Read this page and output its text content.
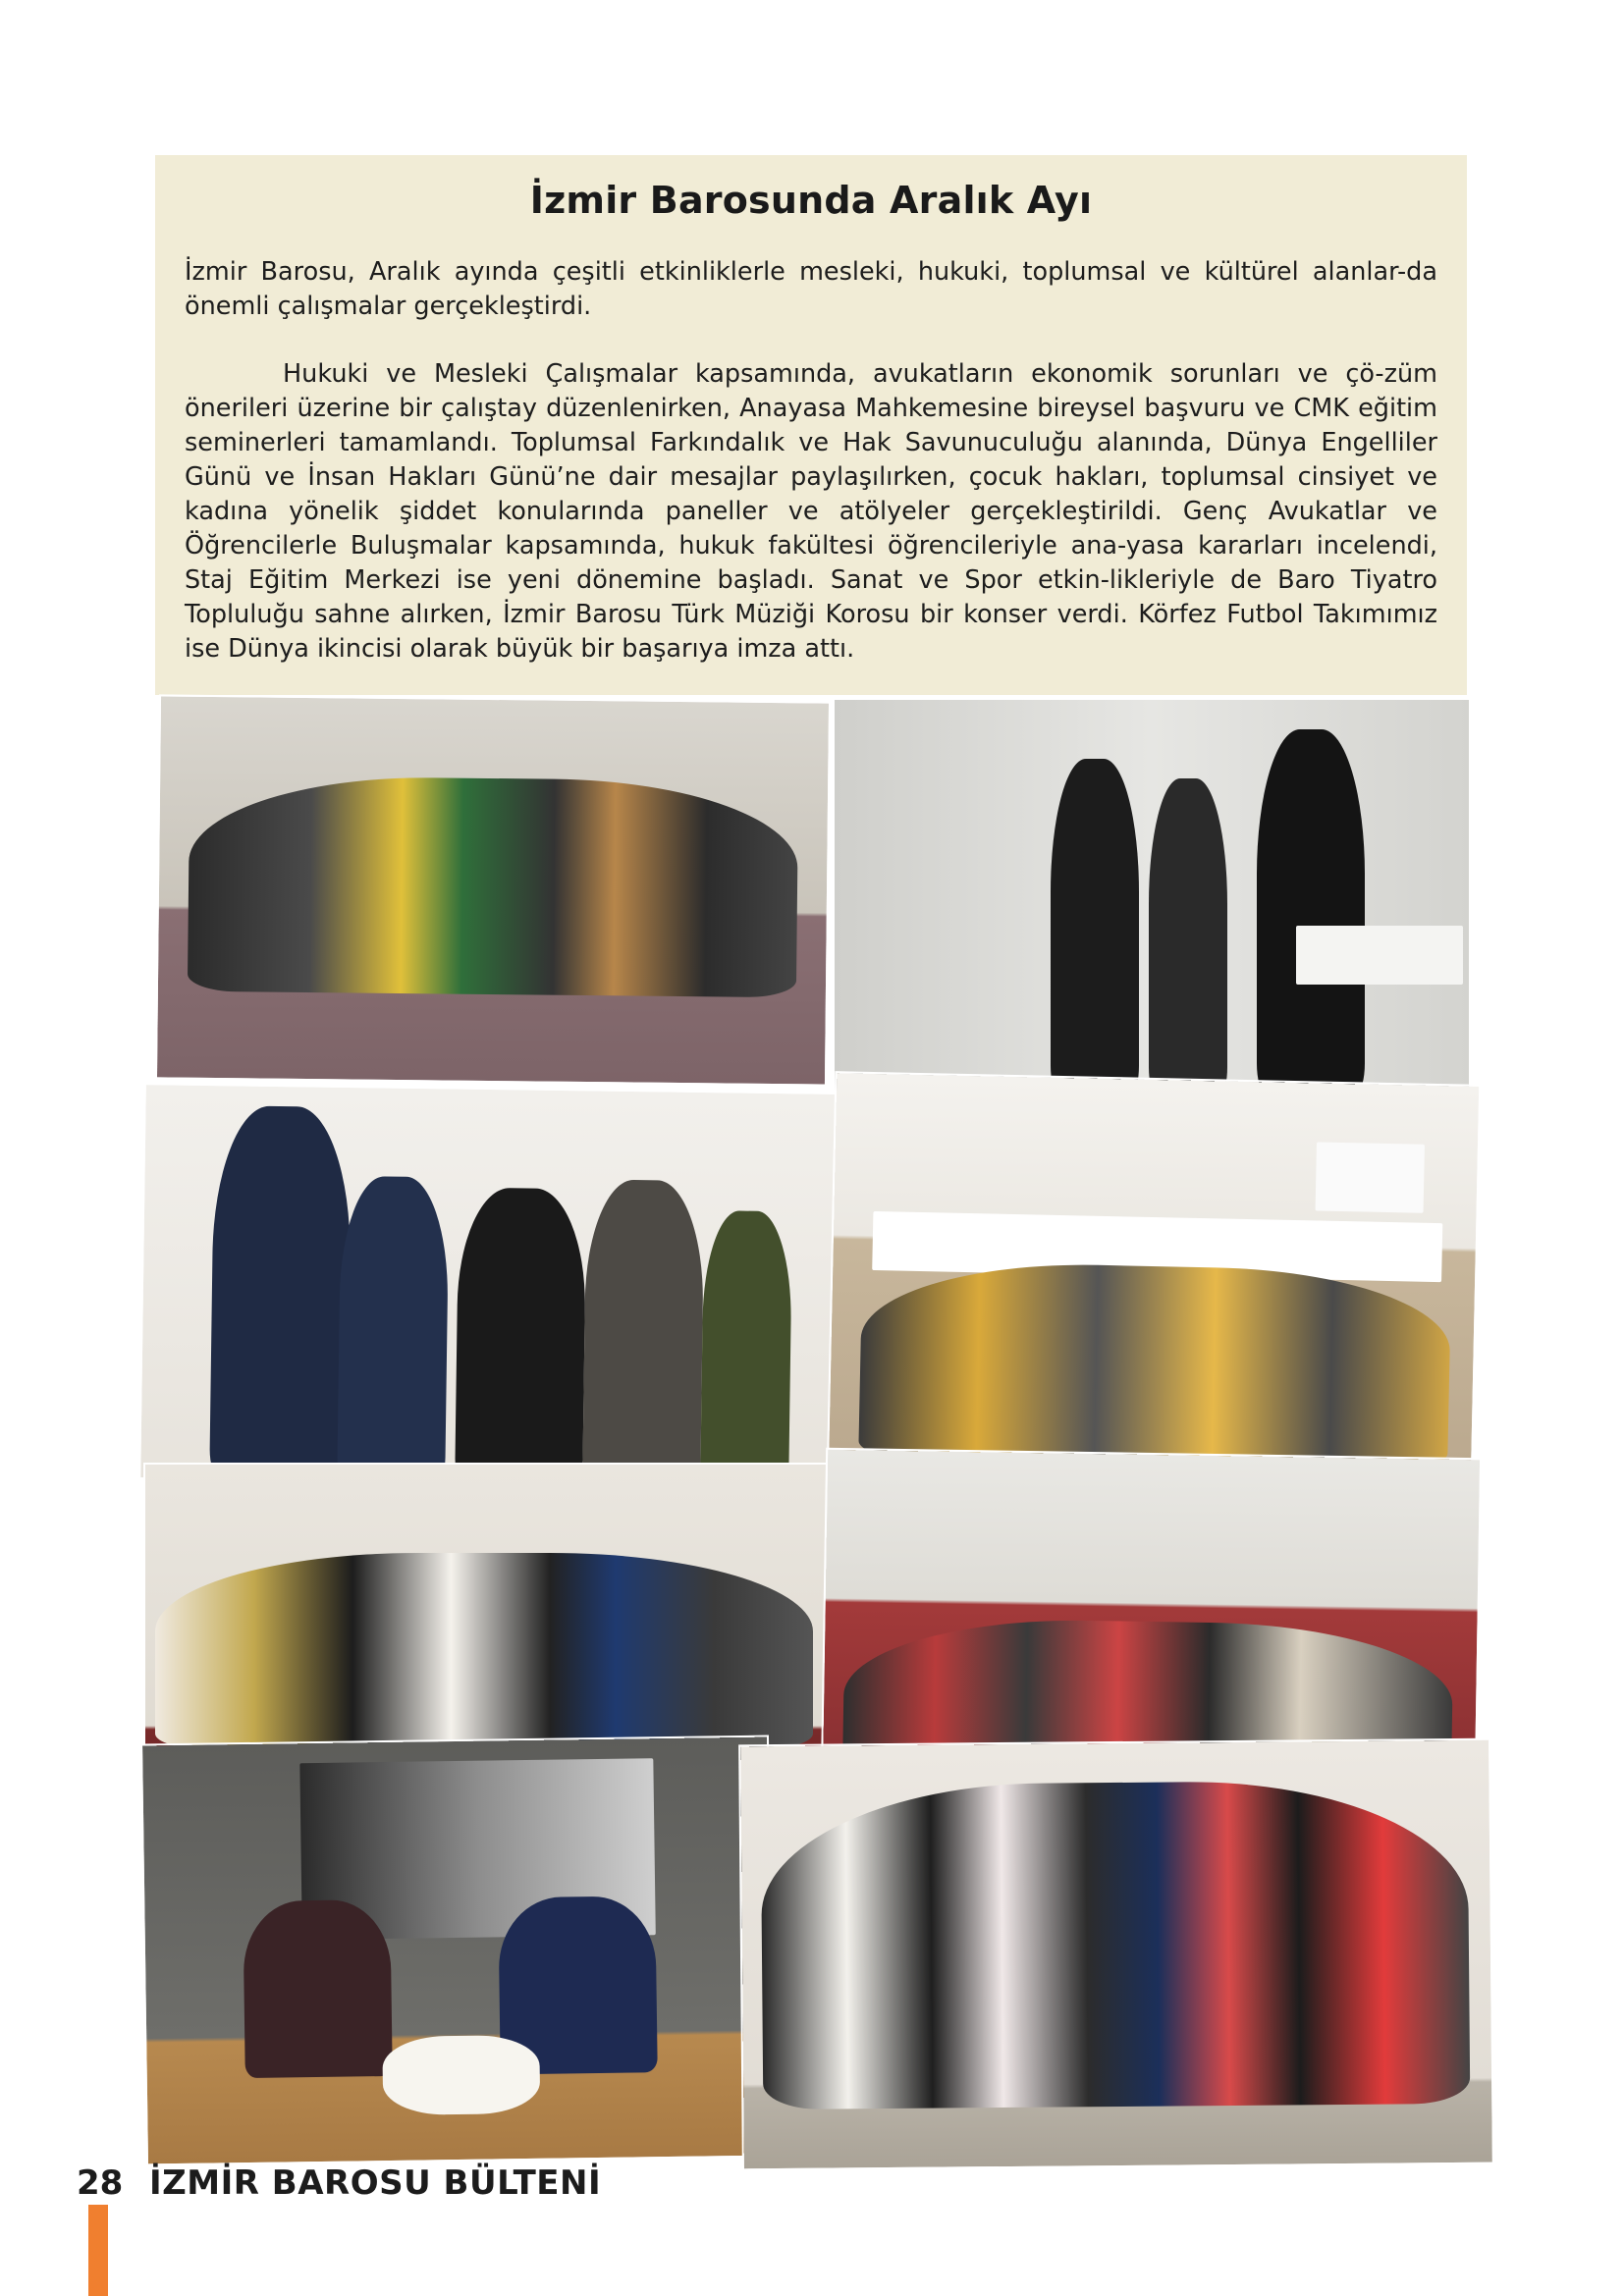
İzmir Barosunda Aralık Ayı

İzmir Barosu, Aralık ayında çeşitli etkinliklerle mesleki, hukuki, toplumsal ve kültürel alanlar-da önemli çalışmalar gerçekleştirdi.

Hukuki ve Mesleki Çalışmalar kapsamında, avukatların ekonomik sorunları ve çö-züm önerileri üzerine bir çalıştay düzenlenirken, Anayasa Mahkemesine bireysel başvuru ve CMK eğitim seminerleri tamamlandı. Toplumsal Farkındalık ve Hak Savunuculuğu alanında, Dünya Engelliler Günü ve İnsan Hakları Günü’ne dair mesajlar paylaşılırken, çocuk hakları, toplumsal cinsiyet ve kadına yönelik şiddet konularında paneller ve atölyeler gerçekleştirildi. Genç Avukatlar ve Öğrencilerle Buluşmalar kapsamında, hukuk fakültesi öğrencileriyle ana-yasa kararları incelendi, Staj Eğitim Merkezi ise yeni dönemine başladı. Sanat ve Spor etkin-likleriyle de Baro Tiyatro Topluluğu sahne alırken, İzmir Barosu Türk Müziği Korosu bir konser verdi. Körfez Futbol Takımımız ise Dünya ikincisi olarak büyük bir başarıya imza attı.

28 İZMİR BAROSU BÜLTENİ
